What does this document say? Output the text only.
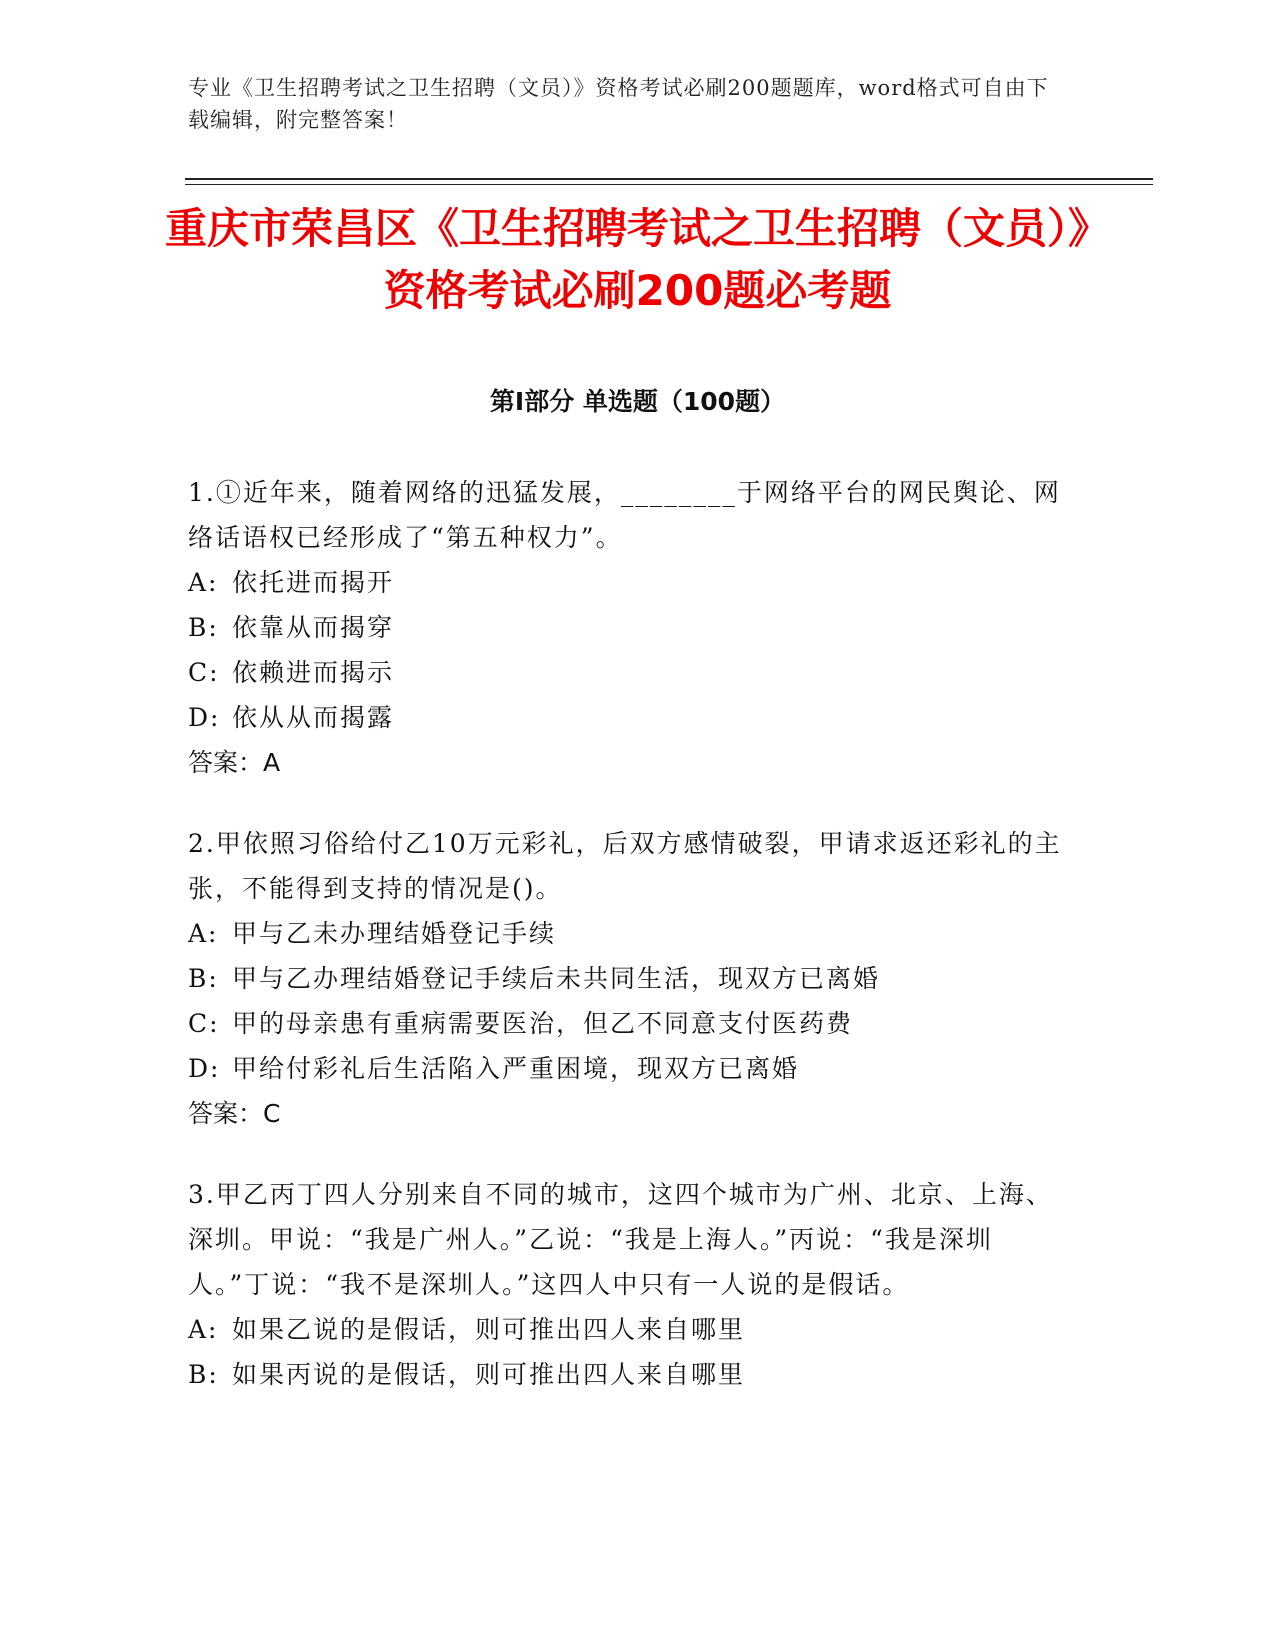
专业《卫生招聘考试之卫生招聘（文员）》资格考试必刷200题题库，word格式可自由下载编辑，附完整答案！
重庆市荣昌区《卫生招聘考试之卫生招聘（文员）》资格考试必刷200题必考题
第I部分 单选题（100题）
1.①近年来，随着网络的迅猛发展，________于网络平台的网民舆论、网络话语权已经形成了“第五种权力”。
A: 依托进而揭开
B: 依靠从而揭穿
C: 依赖进而揭示
D: 依从从而揭露
答案：A
2.甲依照习俗给付乙10万元彩礼，后双方感情破裂，甲请求返还彩礼的主张，不能得到支持的情况是()。
A: 甲与乙未办理结婚登记手续
B: 甲与乙办理结婚登记手续后未共同生活，现双方已离婚
C: 甲的母亲患有重病需要医治，但乙不同意支付医药费
D: 甲给付彩礼后生活陷入严重困境，现双方已离婚
答案：C
3.甲乙丙丁四人分别来自不同的城市，这四个城市为广州、北京、上海、深圳。甲说：“我是广州人。”乙说：“我是上海人。”丙说：“我是深圳人。”丁说：“我不是深圳人。”这四人中只有一人说的是假话。
A: 如果乙说的是假话，则可推出四人来自哪里
B: 如果丙说的是假话，则可推出四人来自哪里
